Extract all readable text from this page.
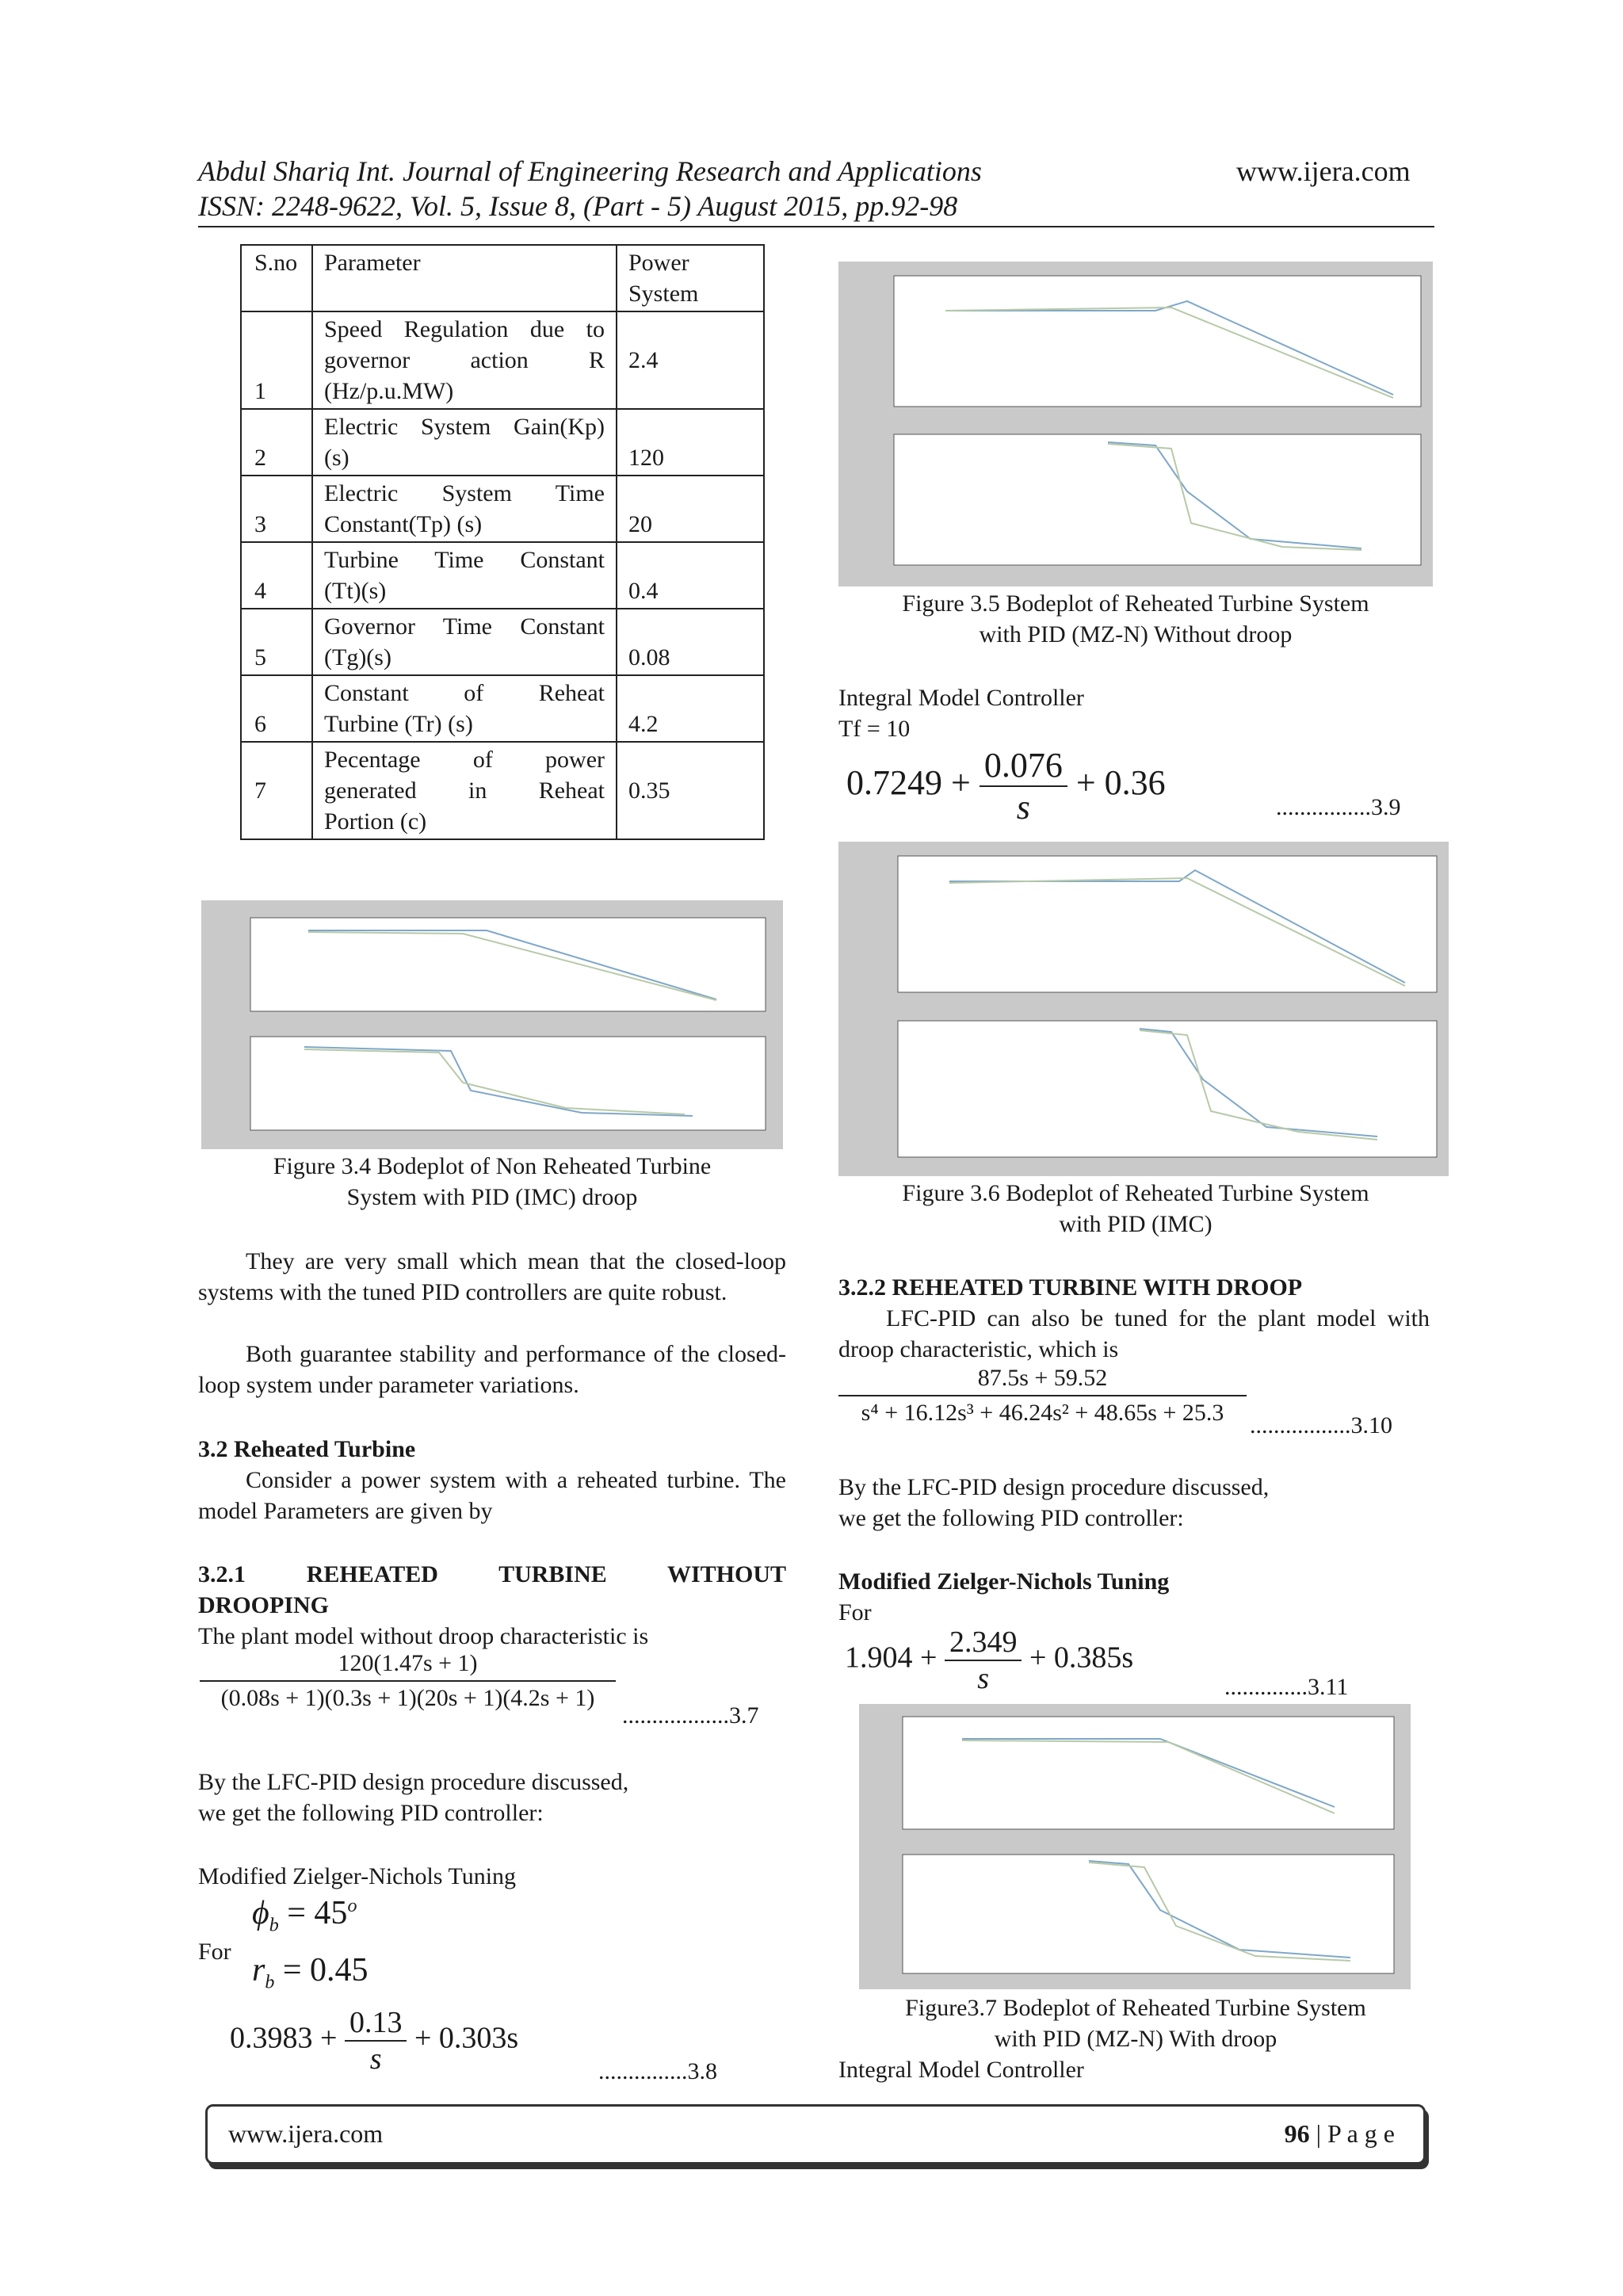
Abdul Shariq Int. Journal of Engineering Research and Applications	www.ijera.com
ISSN: 2248-9622, Vol. 5, Issue 8, (Part - 5) August 2015, pp.92-98
S.no	Parameter	Power System
1	Speed Regulation due to
governor action R
(Hz/p.u.MW)	2.4
2	Electric System Gain(Kp)
(s)	120
3	Electric System Time
Constant(Tp) (s)	20
4	Turbine Time Constant
(Tt)(s)	0.4
5	Governor Time Constant
(Tg)(s)	0.08
6	Constant of Reheat
Turbine (Tr) (s)	4.2
7	Pecentage of power
generated in Reheat
Portion (c)	0.35
Figure 3.4 Bodeplot of Non Reheated Turbine
System with PID (IMC) droop
They are very small which mean that the closed-loop systems with the tuned PID controllers are quite robust.
Both guarantee stability and performance of the closed-loop system under parameter variations.
3.2 Reheated Turbine
Consider a power system with a reheated turbine. The model Parameters are given by
3.2.1 REHEATED TURBINE WITHOUT
DROOPING
The plant model without droop characteristic is
$\frac{120(1.47s + 1)}{(0.08s + 1)(0.3s + 1)(20s + 1)(4.2s + 1)}$
..................3.7
By the LFC-PID design procedure discussed,
we get the following PID controller:
Modified Zielger-Nichols Tuning
$\phi_b = 45^o$
For
$r_b = 0.45$
$0.3983 + \frac{0.13}{s} + 0.303s$
...............3.8
Figure 3.5 Bodeplot of Reheated Turbine System
with PID (MZ-N) Without droop
Integral Model Controller
Tf = 10
$0.7249 + \frac{0.076}{s} + 0.36$
................3.9
Figure 3.6 Bodeplot of Reheated Turbine System
with PID (IMC)
3.2.2 REHEATED TURBINE WITH DROOP
LFC-PID can also be tuned for the plant model with droop characteristic, which is
$\frac{87.5s + 59.52}{\text{s⁴ + 16.12s³ + 46.24s² + 48.65s + 25.3}} .................3.10$
By the LFC-PID design procedure discussed,
we get the following PID controller:
Modified Zielger-Nichols Tuning
For
$1.904 + \frac{2.349}{s} + 0.385s$
..............3.11
Figure3.7 Bodeplot of Reheated Turbine System
with PID (MZ-N) With droop
Integral Model Controller
www.ijera.com	96 | P a g e
